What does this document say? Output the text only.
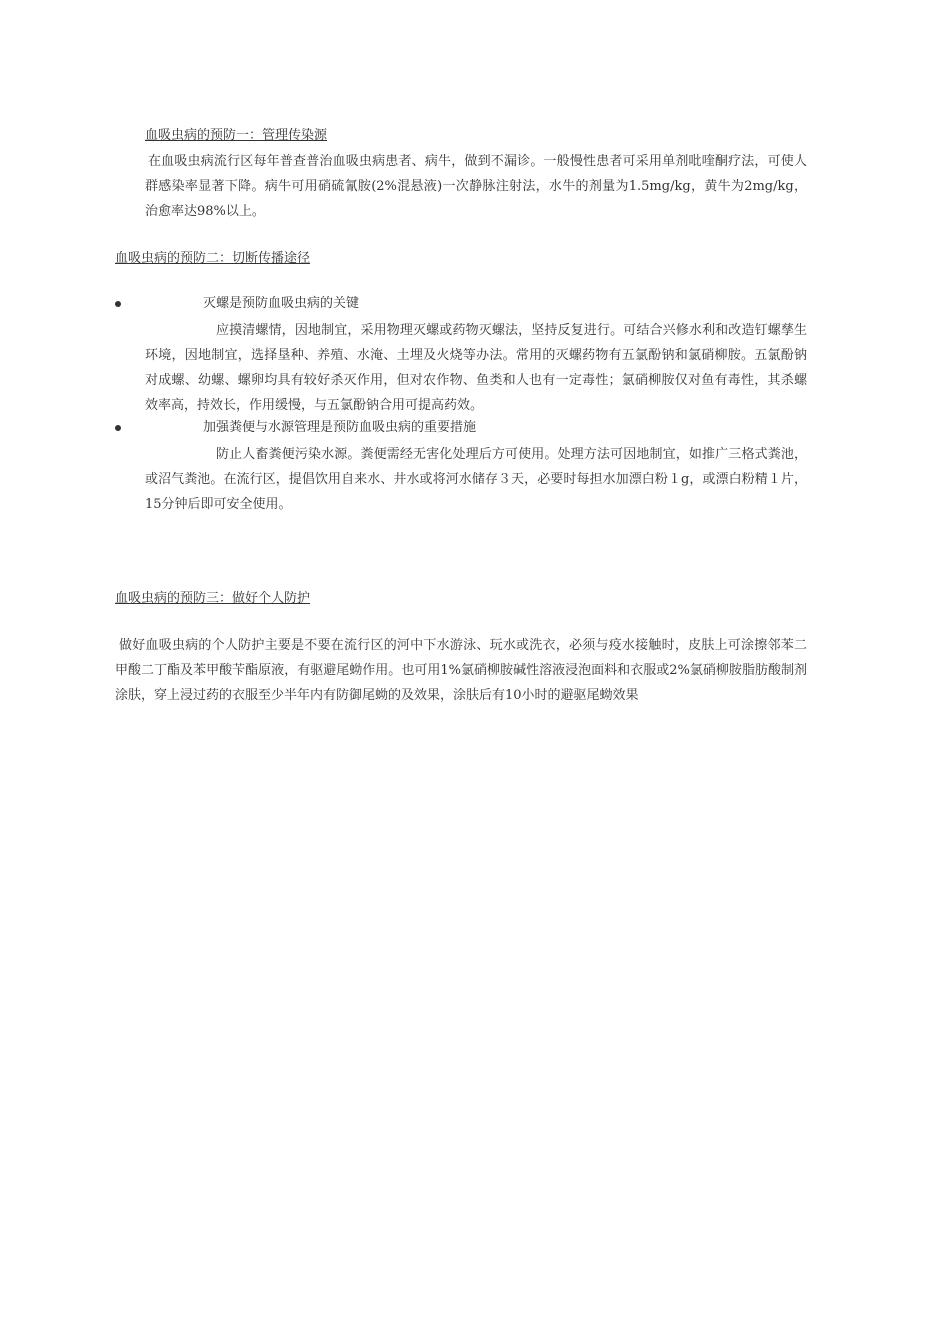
血吸虫病的预防一：管理传染源
在血吸虫病流行区每年普查普治血吸虫病患者、病牛，做到不漏诊。一般慢性患者可采用单剂吡喹酮疗法，可使人群感染率显著下降。病牛可用硝硫氰胺(2%混悬液)一次静脉注射法，水牛的剂量为1.5mg/kg，黄牛为2mg/kg，治愈率达98%以上。
血吸虫病的预防二：切断传播途径
灭螺是预防血吸虫病的关键
应摸清螺情，因地制宜，采用物理灭螺或药物灭螺法，坚持反复进行。可结合兴修水利和改造钉螺孳生环境，因地制宜，选择垦种、养殖、水淹、土埋及火烧等办法。常用的灭螺药物有五氯酚钠和氯硝柳胺。五氯酚钠对成螺、幼螺、螺卵均具有较好杀灭作用，但对农作物、鱼类和人也有一定毒性；氯硝柳胺仅对鱼有毒性，其杀螺效率高，持效长，作用缓慢，与五氯酚钠合用可提高药效。
加强粪便与水源管理是预防血吸虫病的重要措施
防止人畜粪便污染水源。粪便需经无害化处理后方可使用。处理方法可因地制宜，如推广三格式粪池，或沼气粪池。在流行区，提倡饮用自来水、井水或将河水储存３天，必要时每担水加漂白粉１g，或漂白粉精１片，15分钟后即可安全使用。
血吸虫病的预防三：做好个人防护
做好血吸虫病的个人防护主要是不要在流行区的河中下水游泳、玩水或洗衣，必须与疫水接触时，皮肤上可涂擦邻苯二甲酸二丁酯及苯甲酸苄酯原液，有驱避尾蚴作用。也可用1%氯硝柳胺碱性溶液浸泡面料和衣服或2%氯硝柳胺脂肪酸制剂涂肤，穿上浸过药的衣服至少半年内有防御尾蚴的及效果，涂肤后有10小时的避驱尾蚴效果
